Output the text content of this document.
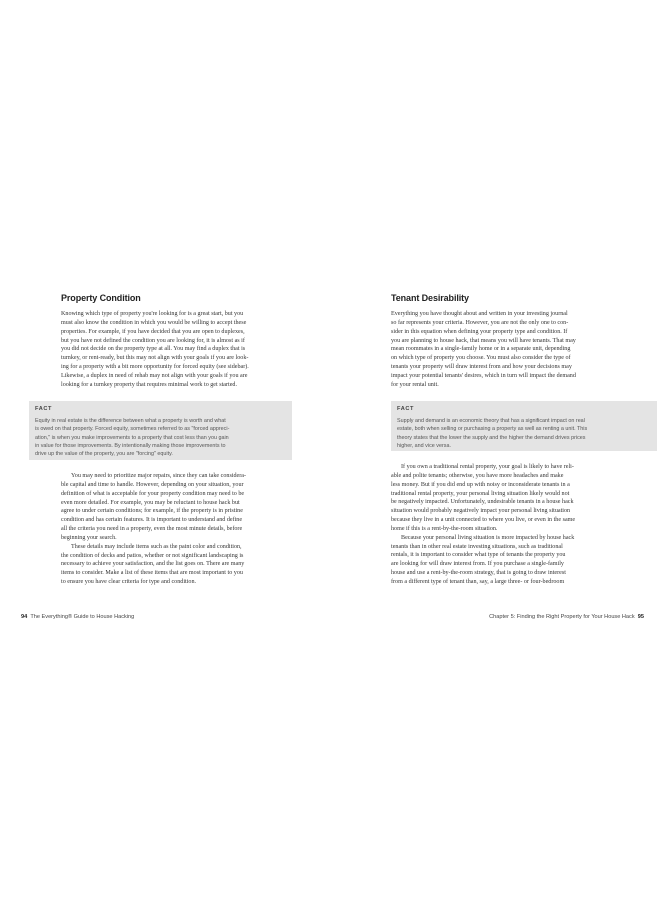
Property Condition

Knowing which type of property you're looking for is a great start, but you
must also know the condition in which you would be willing to accept these
properties. For example, if you have decided that you are open to duplexes,
but you have not defined the condition you are looking for, it is almost as if
you did not decide on the property type at all. You may find a duplex that is
turnkey, or rent-ready, but this may not align with your goals if you are look-
ing for a property with a bit more opportunity for forced equity (see sidebar).
Likewise, a duplex in need of rehab may not align with your goals if you are
looking for a turnkey property that requires minimal work to get started.

FACT

Equity in real estate is the difference between what a property is worth and what
is owed on that property. Forced equity, sometimes referred to as "forced appreci-
ation," is when you make improvements to a property that cost less than you gain
in value for those improvements. By intentionally making those improvements to
drive up the value of the property, you are "forcing" equity.

You may need to prioritize major repairs, since they can take considera-
ble capital and time to handle. However, depending on your situation, your
definition of what is acceptable for your property condition may need to be
even more detailed. For example, you may be reluctant to house hack but
agree to under certain conditions; for example, if the property is in pristine
condition and has certain features. It is important to understand and define
all the criteria you need in a property, even the most minute details, before
beginning your search.
These details may include items such as the paint color and condition,
the condition of decks and patios, whether or not significant landscaping is
necessary to achieve your satisfaction, and the list goes on. There are many
items to consider. Make a list of these items that are most important to you
to ensure you have clear criteria for type and condition.

94 The Everything® Guide to House Hacking
Tenant Desirability

Everything you have thought about and written in your investing journal
so far represents your criteria. However, you are not the only one to con-
sider in this equation when defining your property type and condition. If
you are planning to house hack, that means you will have tenants. That may
mean roommates in a single-family home or in a separate unit, depending
on which type of property you choose. You must also consider the type of
tenants your property will draw interest from and how your decisions may
impact your potential tenants' desires, which in turn will impact the demand
for your rental unit.

FACT

Supply and demand is an economic theory that has a significant impact on real
estate, both when selling or purchasing a property as well as renting a unit. This
theory states that the lower the supply and the higher the demand drives prices
higher, and vice versa.

If you own a traditional rental property, your goal is likely to have reli-
able and polite tenants; otherwise, you have more headaches and make
less money. But if you did end up with noisy or inconsiderate tenants in a
traditional rental property, your personal living situation likely would not
be negatively impacted. Unfortunately, undesirable tenants in a house hack
situation would probably negatively impact your personal living situation
because they live in a unit connected to where you live, or even in the same
home if this is a rent-by-the-room situation.
Because your personal living situation is more impacted by house hack
tenants than in other real estate investing situations, such as traditional
rentals, it is important to consider what type of tenants the property you
are looking for will draw interest from. If you purchase a single-family
house and use a rent-by-the-room strategy, that is going to draw interest
from a different type of tenant than, say, a large three- or four-bedroom

Chapter 5: Finding the Right Property for Your House Hack 95
